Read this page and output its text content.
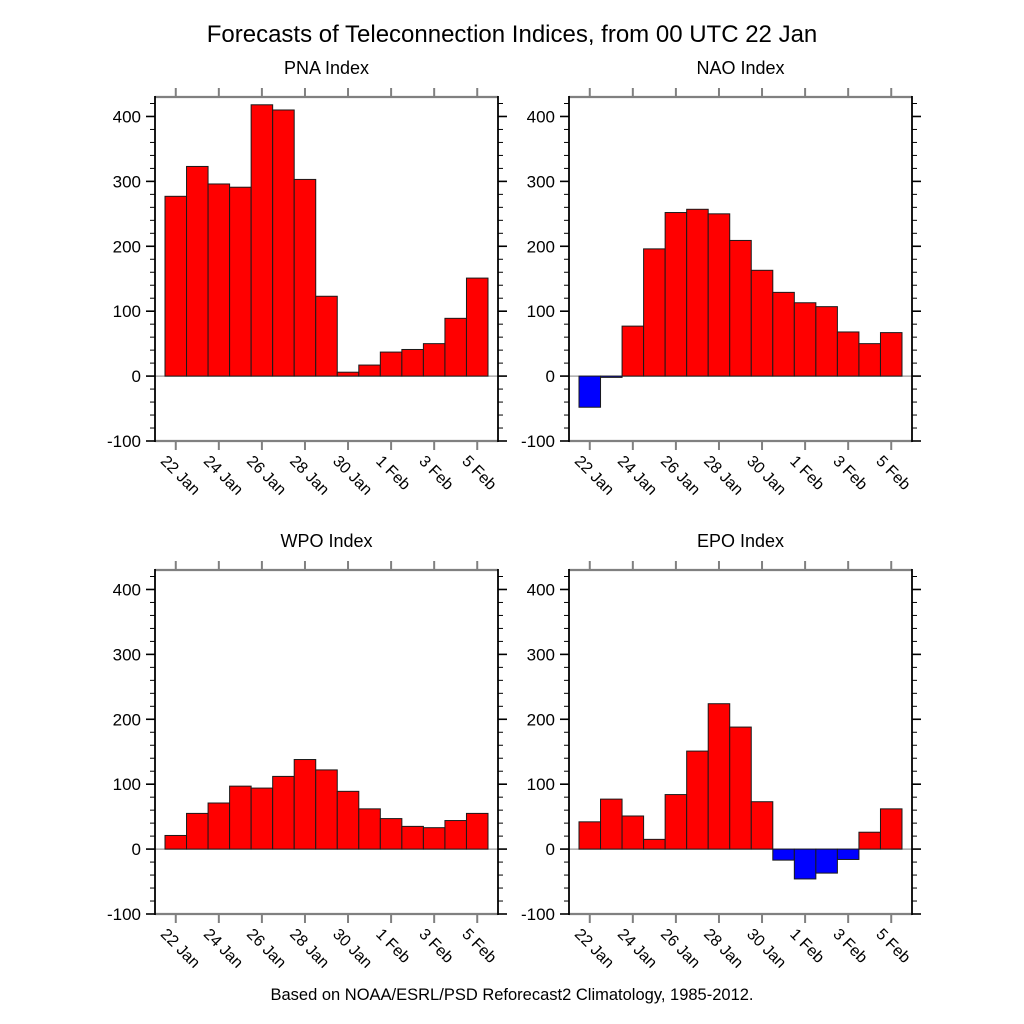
Forecasts of Teleconnection Indices, from 00 UTC 22 Jan
PNA Index
-100
0
100
200
300
400
22 Jan
24 Jan
26 Jan
28 Jan
30 Jan
1 Feb 3 Feb 5 Feb
NAO Index
-100
0
100
200
300
400
22 Jan
24 Jan
26 Jan
28 Jan
30 Jan
1 Feb 3 Feb 5 Feb
WPO Index
-100
0
100
200
300
400
22 Jan
24 Jan
26 Jan
28 Jan
30 Jan
1 Feb 3 Feb 5 Feb
EPO Index
-100
0
100
200
300
400
22 Jan
24 Jan
26 Jan
28 Jan
30 Jan
1 Feb 3 Feb 5 Feb
Based on NOAA/ESRL/PSD Reforecast2 Climatology, 1985-2012.
